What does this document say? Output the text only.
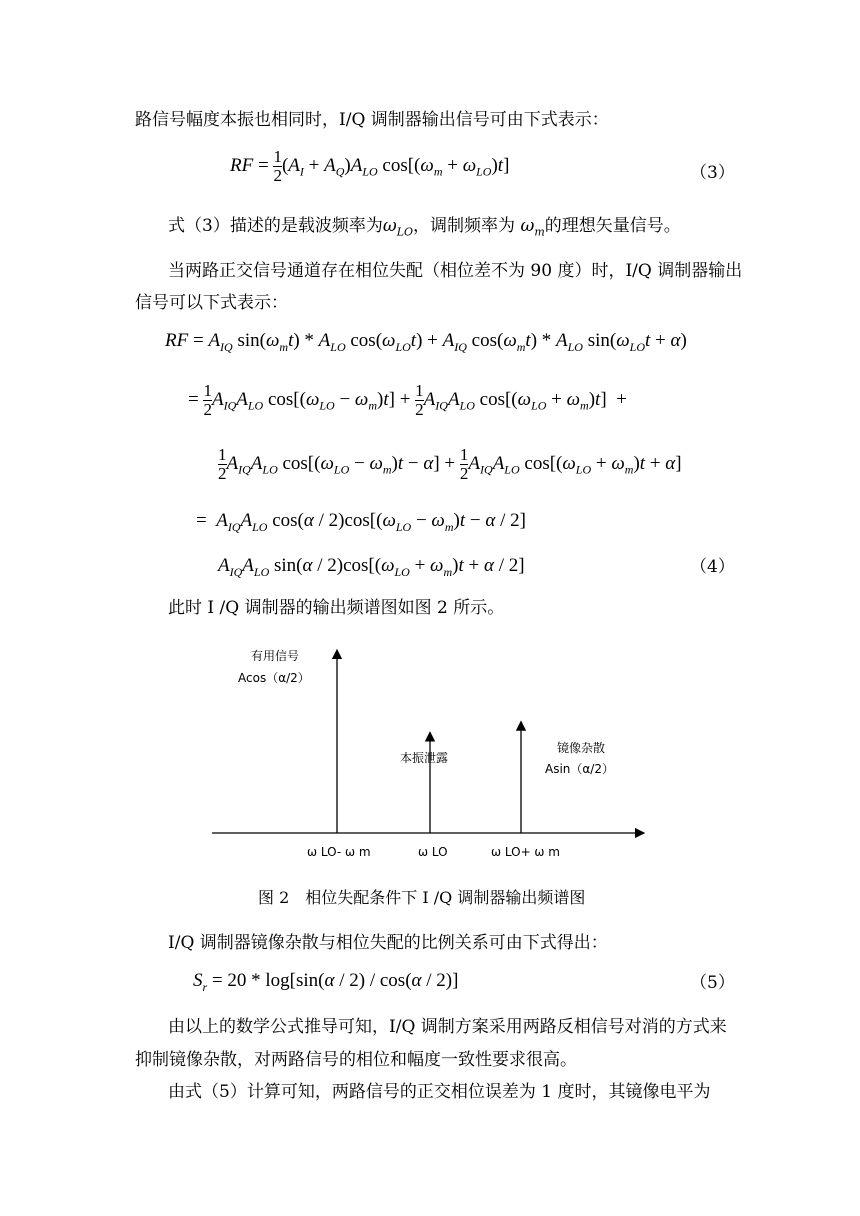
路信号幅度本振也相同时，I/Q 调制器输出信号可由下式表示：
RF = $\frac{1}{2} (A_I + A_Q)A_{LO}$ $\cos[(\omega_m + \omega_{LO})t]$	（3）
式（3）描述的是载波频率为$\omega_{LO}$，调制频率为 $\omega_m$的理想矢量信号。
当两路正交信号通道存在相位失配（相位差不为 90 度）时，I/Q 调制器输出
信号可以下式表示：
RF = $A_{IQ}$ $\sin(\omega_mt) * A_{LO}$ $\cos(\omega_{LO}t) + A_{IQ}$ $\cos(\omega_mt) * A_{LO}$ $\sin(\omega_{LO}t + \alpha)$
= $\frac{1}{2} A_{IQ}A_{LO}$ $\cos[(\omega_{LO} - \omega_m)t] + \frac{1}{2} A_{IQ}A_{LO}$ $\cos[(\omega_{LO} + \omega_m)t]$  +
$\frac{1}{2} A_{IQ}A_{LO}$ $\cos[(\omega_{LO} - \omega_m)t - \alpha] + \frac{1}{2} A_{IQ}A_{LO}$ $\cos[(\omega_{LO} + \omega_m)t + \alpha]$
=  $A_{IQ}A_{LO}$ $\cos(\alpha / 2)\cos[(\omega_{LO} - \omega_m)t - \alpha / 2]$
$A_{IQ}A_{LO}$ $\sin(\alpha / 2)\cos[(\omega_{LO} + \omega_m)t + \alpha / 2]$	（4）
此时 I /Q 调制器的输出频谱图如图 2 所示。
有用信号
Acos（α/2）
本振泄露
镜像杂散
Asin（α/2）
ω LO- ω m	ω LO	ω LO+ ω m
图 2　相位失配条件下 I /Q 调制器输出频谱图
I/Q 调制器镜像杂散与相位失配的比例关系可由下式得出：
$S_r = 20 * \log[\sin(\alpha / 2) / \cos(\alpha / 2)]$	（5）
由以上的数学公式推导可知，I/Q 调制方案采用两路反相信号对消的方式来
抑制镜像杂散，对两路信号的相位和幅度一致性要求很高。
由式（5）计算可知，两路信号的正交相位误差为 1 度时，其镜像电平为
